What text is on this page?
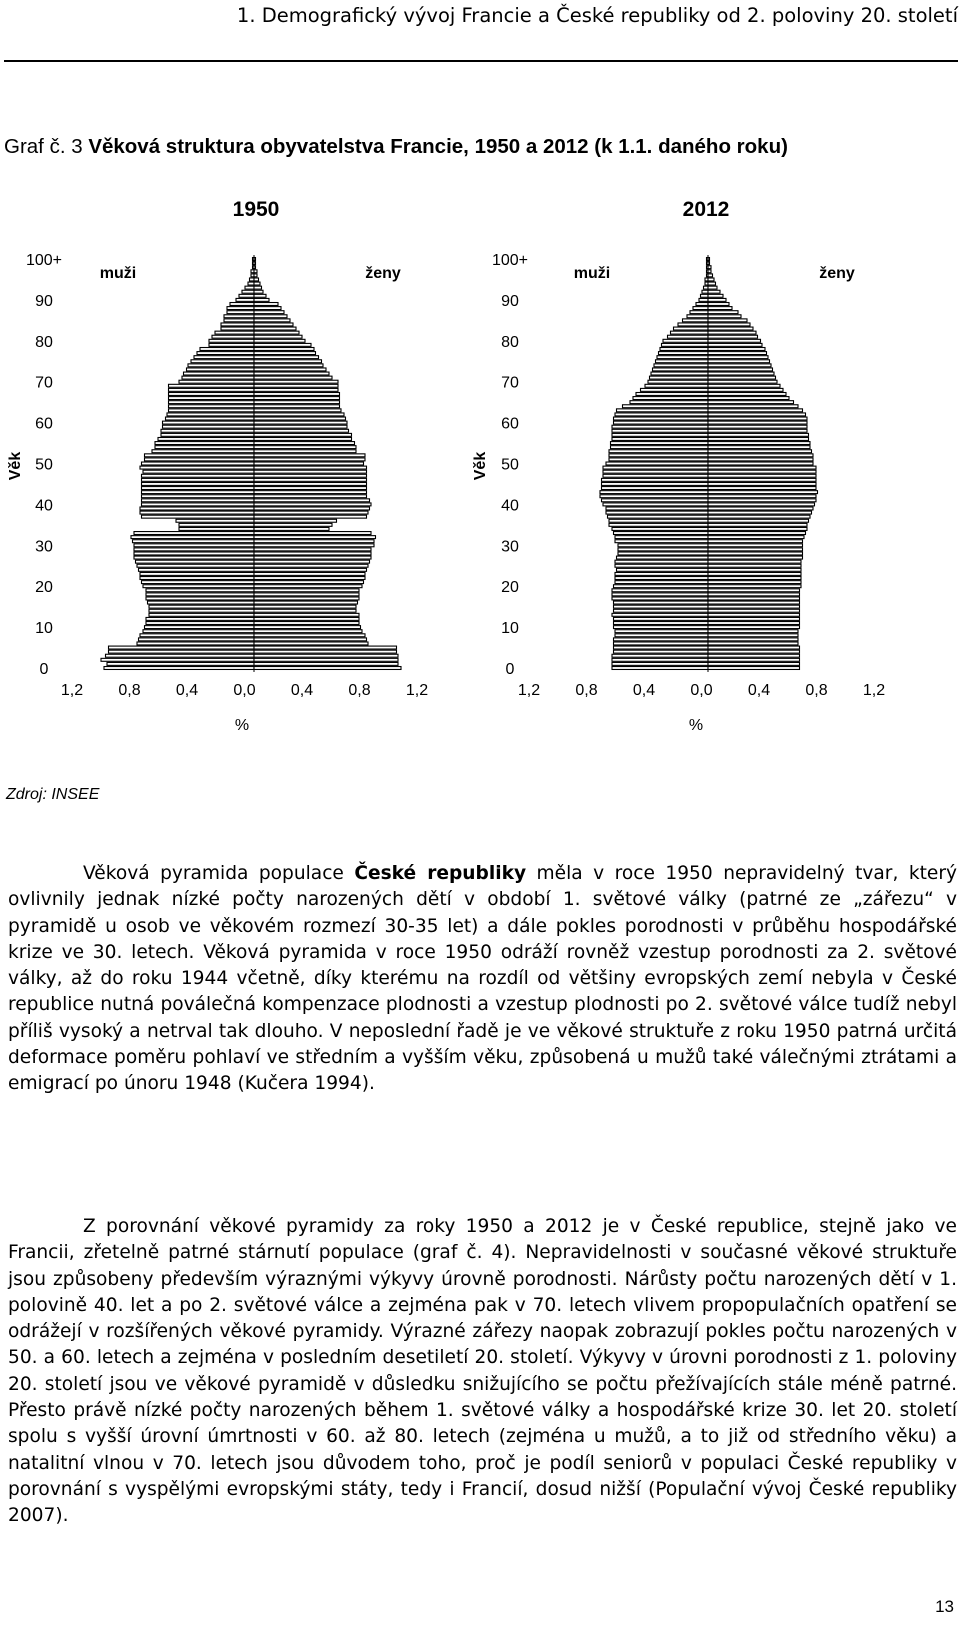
1. Demografický vývoj Francie a České republiky od 2. poloviny 20. století
Graf č. 3 Věková struktura obyvatelstva Francie, 1950 a 2012 (k 1.1. daného roku)
1950
0
10
20
30
40
50
60
70
80
90
100+
1,2 0,8 0,4 0,0 0,4 0,8 1,2
%
Věk
muži	ženy
2012
0
10
20
30
40
50
60
70
80
90
100+
1,2 0,8 0,4 0,0 0,4 0,8 1,2
%
Věk
muži	ženy
Zdroj: INSEE

Věková pyramida populace České republiky měla v roce 1950 nepravidelný tvar, který ovlivnily jednak nízké počty narozených dětí v období 1. světové války (patrné ze „zářezu“ v pyramidě u osob ve věkovém rozmezí 30-35 let) a dále pokles porodnosti v průběhu hospodářské krize ve 30. letech. Věková pyramida v roce 1950 odráží rovněž vzestup porodnosti za 2. světové války, až do roku 1944 včetně, díky kterému na rozdíl od většiny evropských zemí nebyla v České republice nutná poválečná kompenzace plodnosti a vzestup plodnosti po 2. světové válce tudíž nebyl příliš vysoký a netrval tak dlouho. V neposlední řadě je ve věkové struktuře z roku 1950 patrná určitá deformace poměru pohlaví ve středním a vyšším věku, způsobená u mužů také válečnými ztrátami a emigrací po únoru 1948 (Kučera 1994).

Z porovnání věkové pyramidy za roky 1950 a 2012 je v České republice, stejně jako ve Francii, zřetelně patrné stárnutí populace (graf č. 4). Nepravidelnosti v současné věkové struktuře jsou způsobeny především výraznými výkyvy úrovně porodnosti. Nárůsty počtu narozených dětí v 1. polovině 40. let a po 2. světové válce a zejména pak v 70. letech vlivem propopulačních opatření se odrážejí v rozšířených věkové pyramidy. Výrazné zářezy naopak zobrazují pokles počtu narozených v 50. a 60. letech a zejména v posledním desetiletí 20. století. Výkyvy v úrovni porodnosti z 1. poloviny 20. století jsou ve věkové pyramidě v důsledku snižujícího se počtu přežívajících stále méně patrné. Přesto právě nízké počty narozených během 1. světové války a hospodářské krize 30. let 20. století spolu s vyšší úrovní úmrtnosti v 60. až 80. letech (zejména u mužů, a to již od středního věku) a natalitní vlnou v 70. letech jsou důvodem toho, proč je podíl seniorů v populaci České republiky v porovnání s vyspělými evropskými státy, tedy i Francií, dosud nižší (Populační vývoj České republiky 2007).

13
